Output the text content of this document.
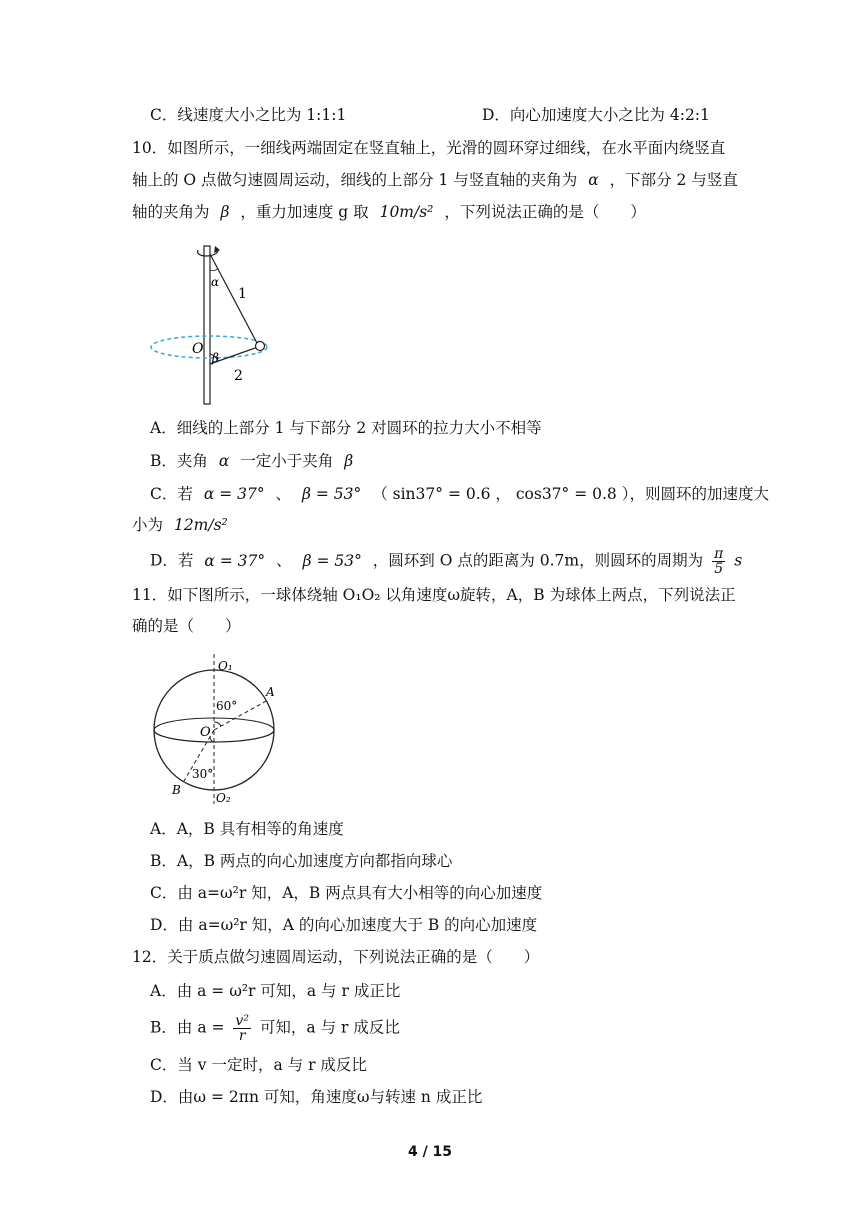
C．线速度大小之比为 1:1:1	D．向心加速度大小之比为 4:2:1
10．如图所示，一细线两端固定在竖直轴上，光滑的圆环穿过细线，在水平面内绕竖直
轴上的 O 点做匀速圆周运动，细线的上部分 1 与竖直轴的夹角为 α ，下部分 2 与竖直
轴的夹角为 β ，重力加速度 g 取 10m/s² ，下列说法正确的是（　　）
α
1
O
β
2
A．细线的上部分 1 与下部分 2 对圆环的拉力大小不相等
B．夹角 α 一定小于夹角 β
C．若 α = 37° 、 β = 53° （ sin37° = 0.6 ， cos37° = 0.8 ），则圆环的加速度大
小为 12m/s²
D．若 α = 37° 、 β = 53° ，圆环到 O 点的距离为 0.7m，则圆环的周期为 $\frac{\pi}{5}$ s
11．如下图所示，一球体绕轴 O₁O₂ 以角速度ω旋转，A，B 为球体上两点，下列说法正
确的是（　　）
O₁
A
60°
O
30°
B
O₂
A．A，B 具有相等的角速度
B．A，B 两点的向心加速度方向都指向球心
C．由 a=ω²r 知，A，B 两点具有大小相等的向心加速度
D．由 a=ω²r 知，A 的向心加速度大于 B 的向心加速度
12．关于质点做匀速圆周运动，下列说法正确的是（　　）
A．由 a = ω²r 可知，a 与 r 成正比
B．由 $a = \frac{\text{v²}}{r}$ 可知，a 与 r 成反比
C．当 v 一定时，a 与 r 成反比
D．由ω = 2πn 可知，角速度ω与转速 n 成正比
4 / 15
